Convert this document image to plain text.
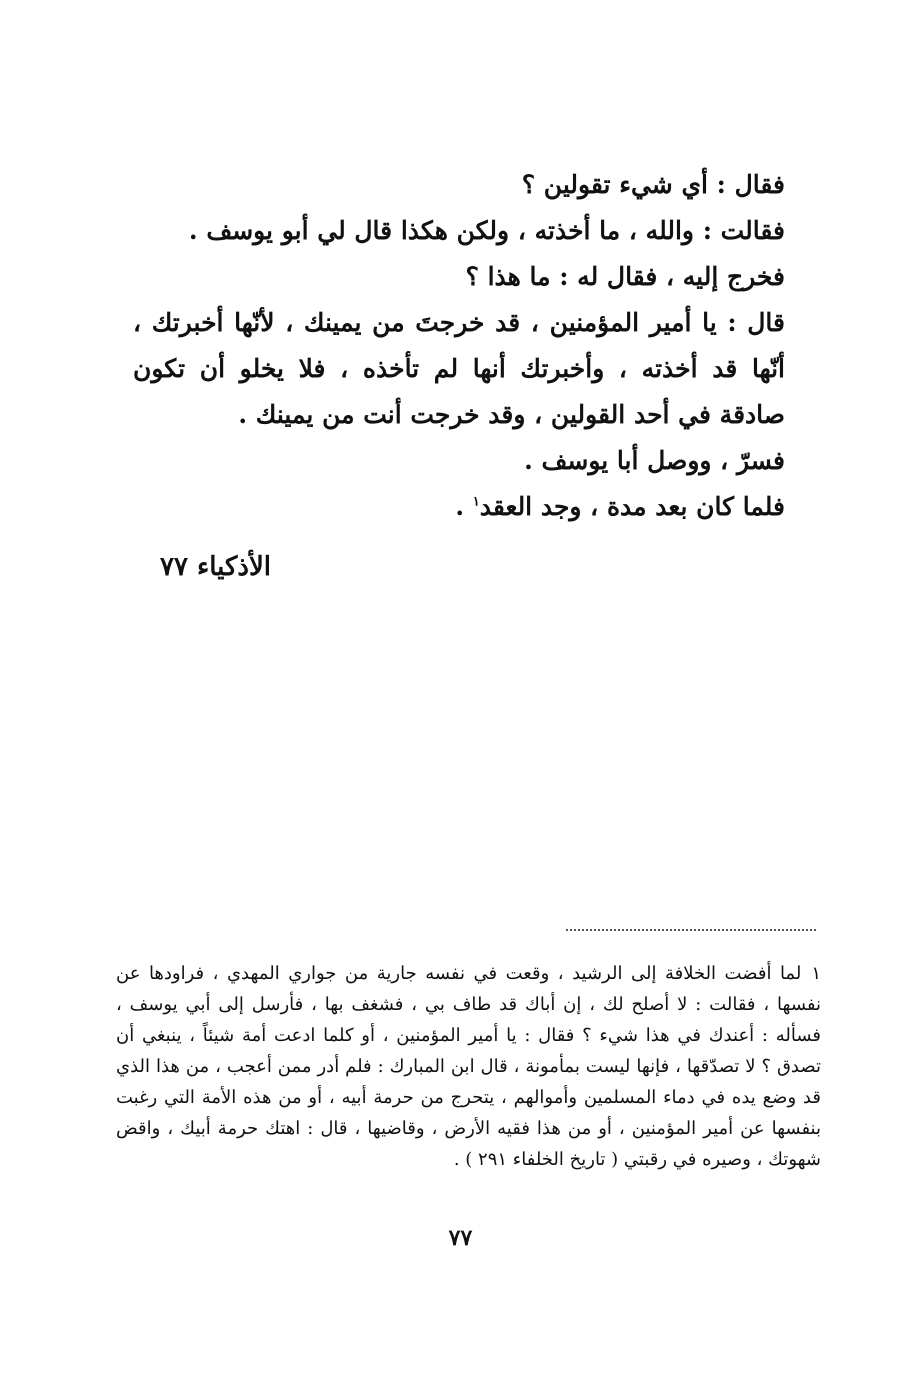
فقال : أي شيء تقولين ؟

فقالت : والله ، ما أخذته ، ولكن هكذا قال لي أبو يوسف .

فخرج إليه ، فقال له : ما هذا ؟

قال : يا أمير المؤمنين ، قد خرجتَ من يمينك ، لأنّها أخبرتك ، أنّها قد أخذته ، وأخبرتك أنها لم تأخذه ، فلا يخلو أن تكون صادقة في أحد القولين ، وقد خرجت أنت من يمينك .

فسرّ ، ووصل أبا يوسف .

فلما كان بعد مدة ، وجد العقد$^١$ .

الأذكياء ٧٧
١لما أفضت الخلافة إلى الرشيد ، وقعت في نفسه جارية من جواري المهدي ، فراودها عن نفسها ، فقالت : لا أصلح لك ، إن أباك قد طاف بي ، فشغف بها ، فأرسل إلى أبي يوسف ، فسأله : أعندك في هذا شيء ؟ فقال : يا أمير المؤمنين ، أو كلما ادعت أمة شيئاً ، ينبغي أن تصدق ؟ لا تصدّقها ، فإنها ليست بمأمونة ، قال ابن المبارك : فلم أدر ممن أعجب ، من هذا الذي قد وضع يده في دماء المسلمين وأموالهم ، يتحرج من حرمة أبيه ، أو من هذه الأمة التي رغبت بنفسها عن أمير المؤمنين ، أو من هذا فقيه الأرض ، وقاضيها ، قال : اهتك حرمة أبيك ، واقض شهوتك ، وصيره في رقبتي ( تاريخ الخلفاء ٢٩١ ) .
٧٧
